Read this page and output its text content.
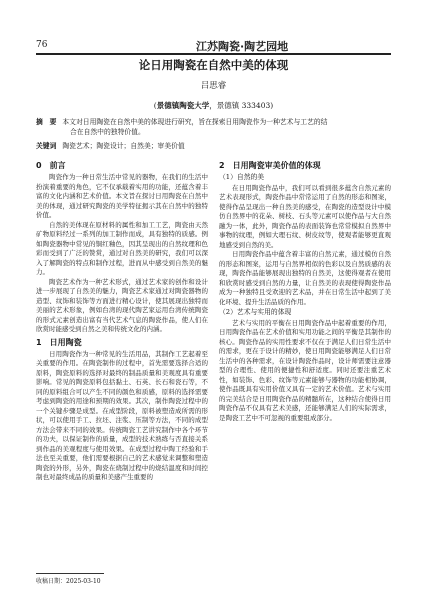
76	江苏陶瓷·陶艺园地
论日用陶瓷在自然中美的体现
吕思睿
(景德镇陶瓷大学，景德镇 333403)
摘　要 本文对日用陶瓷在自然中美的体现进行研究，旨在探索日用陶瓷作为一种艺术与工艺的结
合在自然中的独特价值。
关键词 陶瓷艺术；陶瓷设计；自然美；审美价值
0　前言

陶瓷作为一种日常生活中常见的器物，在我们的生活中扮演着重要的角色，它不仅承载着实用的功能，还蕴含着丰富的文化内涵和艺术价值。本文旨在探讨日用陶瓷在自然中美的体现，通过研究陶瓷的美学特征揭示其在自然中的独特价值。

自然的美体现在原材料的属性和加工工艺，陶瓷由天然矿物原料经过一系列的加工制作而成，具有独特的质感。例如陶瓷器物中常见的铜红釉色，因其呈现出的自然纹理和色彩而受到了广泛的赞赏，通过对自然美的研究，我们可以深入了解陶瓷的特点和制作过程，进而从中感受到自然美的魅力。

陶瓷艺术作为一种艺术形式，通过艺术家的创作和设计进一步展现了自然美的魅力，陶瓷艺术家通过对陶瓷器物的造型、纹饰和装饰等方面进行精心设计，使其展现出独特而美丽的艺术形象，例如台湾的现代陶艺家运用台湾传统陶瓷的形式元素创造出富有当代艺术气息的陶瓷作品，使人们在欣赏时能感受到自然之美和传统文化的内涵。

1　日用陶瓷

日用陶瓷作为一种常见的生活用品，其制作工艺起着至关重要的作用。在陶瓷制作的过程中，首先需要选择合适的原料，陶瓷原料的选择对最终的制品质量和美观度具有重要影响。常见的陶瓷原料包括黏土、石英、长石和瓷石等，不同的原料组合可以产生不同的颜色和质感，原料的选择需要考虑到陶瓷的用途和预期的效果。其次，制作陶瓷过程中的一个关键步骤是成型。在成型阶段，原料被塑造成所需的形状，可以使用手工、拉坯、注浆、压制等方法，不同的成型方法会带来不同的效果。传统陶瓷工艺讲究制作中各个环节的功夫，以保证制作的质量，成型的技术熟练与否直接关系到作品的美观程度与使用效果。在成型过程中陶工经验和手法也至关重要，他们需要根据自己的艺术感觉来调整和塑造陶瓷的外形，另外，陶瓷在烧制过程中的烧结温度和时间控制也对最终成品的质量和美感产生重要的

2　日用陶瓷审美价值的体现
（1）自然的美

在日用陶瓷作品中，我们可以看到很多蕴含自然元素的艺术表现形式，陶瓷作品中常常运用了自然的形态和图案，使得作品呈现出一种自然美的感受，在陶瓷的造型设计中模仿自然界中的花朵、树枝、石头等元素可以使作品与大自然融为一体，此外，陶瓷作品的表面装饰也常常模拟自然界中事物的纹理，例如大理石纹、树皮纹等，使观者能够更直观地感受到自然的美。

日用陶瓷作品中蕴含着丰富的自然元素，通过模仿自然的形态和图案，运用与自然界相似的色彩以及自然质感的表现，陶瓷作品能够展现出独特的自然美，这使得观者在使用和欣赏时感受到自然的力量，让自然美的表现使得陶瓷作品成为一种独特且受欢迎的艺术品，并在日常生活中起到了美化环境、提升生活品质的作用。

（2）艺术与实用的体现

艺术与实用的平衡在日用陶瓷作品中起着重要的作用，日用陶瓷作品在艺术价值和实用功能之间的平衡是其制作的核心。陶瓷作品的实用性要求不仅在于满足人们日常生活中的需求，更在于设计的精妙，使日用陶瓷能够满足人们日常生活中的各种需求，在设计陶瓷作品时，设计师需要注意器型的合理性、使用的便捷性和舒适度。同时还要注重艺术性，如装饰、色彩、纹饰等元素能够与器物的功能相协调，使作品既具有实用价值又具有一定的艺术价值。艺术与实用的完美结合是日用陶瓷作品的精髓所在，这种结合使得日用陶瓷作品不仅具有艺术美感，还能够满足人们的实际需求，是陶瓷工艺中不可忽视的重要组成部分。

收稿日期：2025-03-10
